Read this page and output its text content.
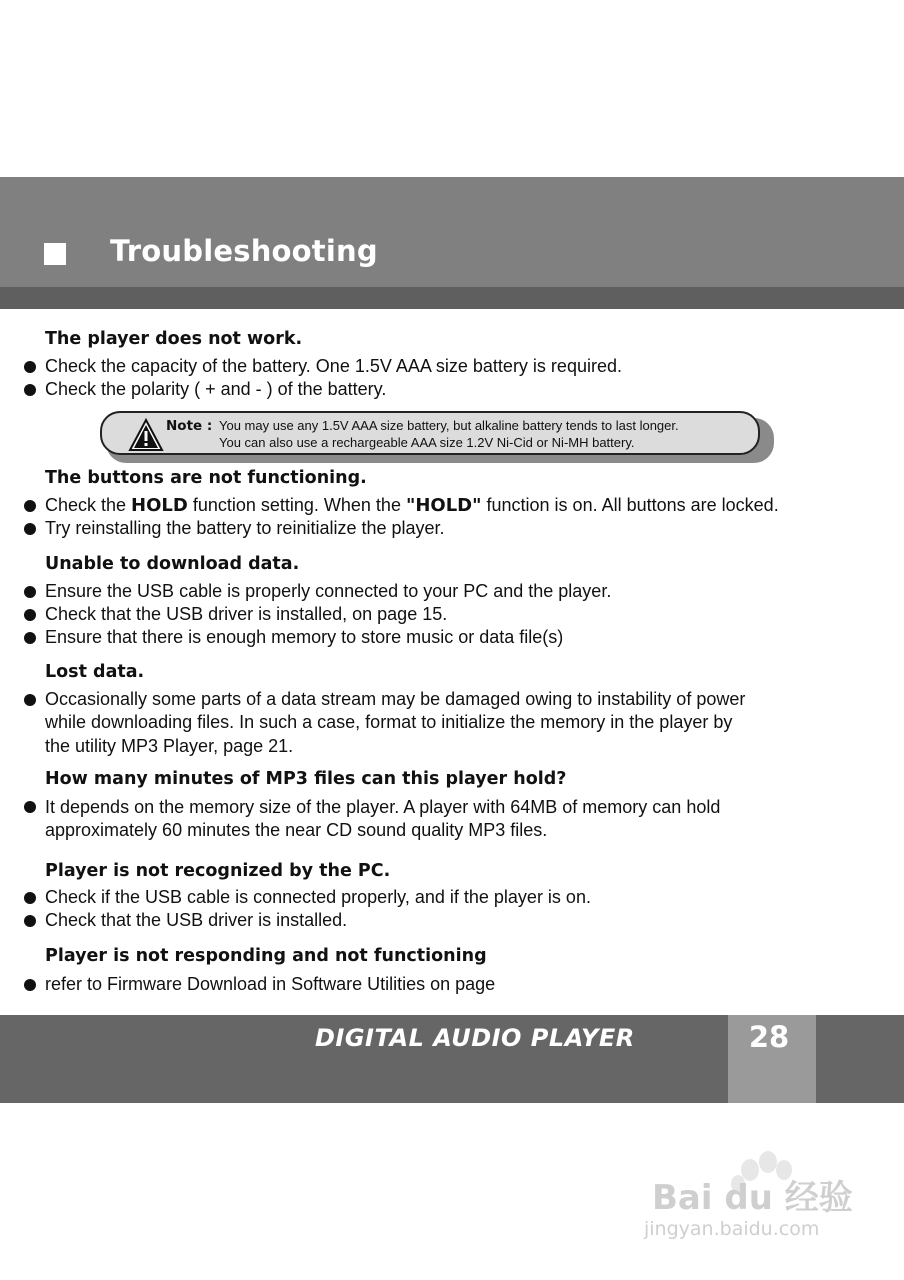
Troubleshooting
The player does not work.
Check the capacity of the battery. One 1.5V AAA size battery is required.
Check the polarity ( + and - ) of the battery.
Note : You may use any 1.5V AAA size battery, but alkaline battery tends to last longer.
You can also use a rechargeable AAA size 1.2V Ni-Cid or Ni-MH battery.
The buttons are not functioning.
Check the HOLD function setting. When the "HOLD" function is on. All buttons are locked.
Try reinstalling the battery to reinitialize the player.
Unable to download data.
Ensure the USB cable is properly connected to your PC and the player.
Check that the USB driver is installed, on page 15.
Ensure that there is enough memory to store music or data file(s)
Lost data.
Occasionally some parts of a data stream may be damaged owing to instability of power
while downloading files. In such a case, format to initialize the memory in the player by
the utility MP3 Player, page 21.
How many minutes of MP3 files can this player hold?
It depends on the memory size of the player. A player with 64MB of memory can hold
approximately 60 minutes the near CD sound quality MP3 files.
Player is not recognized by the PC.
Check if the USB cable is connected properly, and if the player is on.
Check that the USB driver is installed.
Player is not responding and not functioning
refer to Firmware Download in Software Utilities on page
DIGITAL AUDIO PLAYER	28
Bai du 经验
jingyan.baidu.com
